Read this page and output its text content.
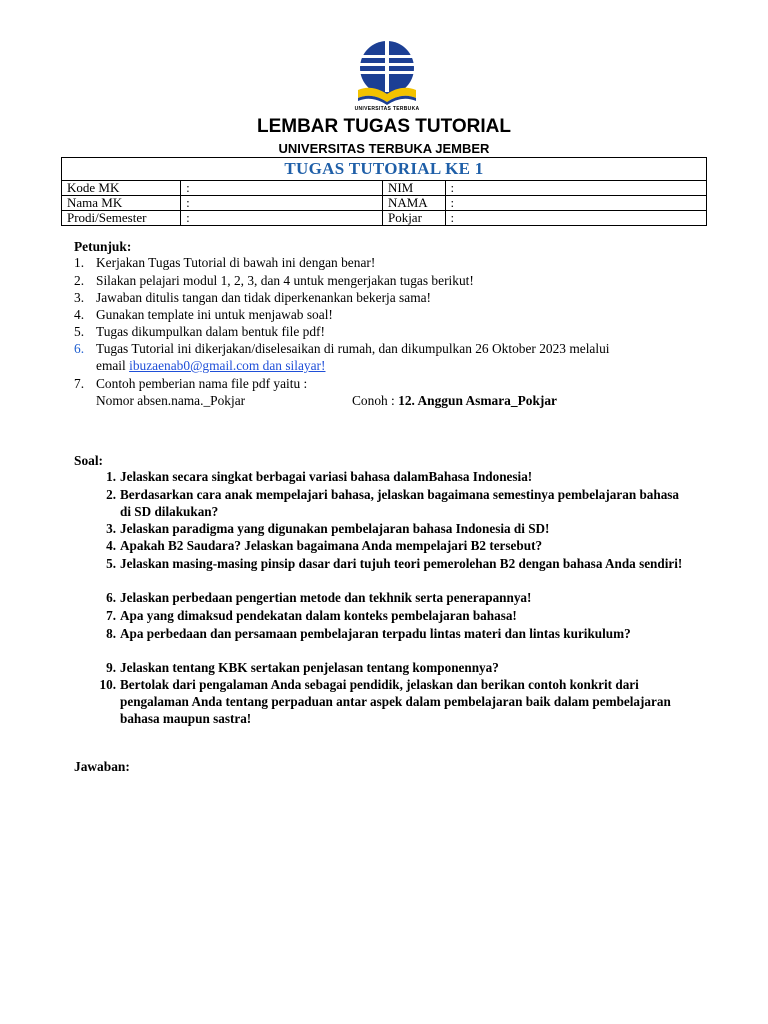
UNIVERSITAS TERBUKA
LEMBAR TUGAS TUTORIAL
UNIVERSITAS TERBUKA JEMBER
TUGAS TUTORIAL KE 1			
Kode MK	:	NIM	:
Nama MK	:	NAMA	:
Prodi/Semester	:	Pokjar	:
Petunjuk:
1. Kerjakan Tugas Tutorial di bawah ini dengan benar!
2. Silakan pelajari modul 1, 2, 3, dan 4 untuk mengerjakan tugas berikut!
3. Jawaban ditulis tangan dan tidak diperkenankan bekerja sama!
4. Gunakan template ini untuk menjawab soal!
5. Tugas dikumpulkan dalam bentuk file pdf!
6. Tugas Tutorial ini dikerjakan/diselesaikan di rumah, dan dikumpulkan 26 Oktober 2023 melalui
email ibuzaenab0@gmail.com dan silayar!
7. Contoh pemberian nama file pdf yaitu :
Nomor absen.nama._Pokjar	Conoh : 12. Anggun Asmara_Pokjar
Soal:
1. Jelaskan secara singkat berbagai variasi bahasa dalamBahasa Indonesia!
2. Berdasarkan cara anak mempelajari bahasa, jelaskan bagaimana semestinya pembelajaran bahasa di SD dilakukan?
3. Jelaskan paradigma yang digunakan pembelajaran bahasa Indonesia di SD!
4. Apakah B2 Saudara? Jelaskan bagaimana Anda mempelajari B2 tersebut?
5. Jelaskan masing-masing pinsip dasar dari tujuh teori pemerolehan B2 dengan bahasa Anda sendiri!
6. Jelaskan perbedaan pengertian metode dan tekhnik serta penerapannya!
7. Apa yang dimaksud pendekatan dalam konteks pembelajaran bahasa!
8. Apa perbedaan dan persamaan pembelajaran terpadu lintas materi dan lintas kurikulum?
9. Jelaskan tentang KBK sertakan penjelasan tentang komponennya?
10. Bertolak dari pengalaman Anda sebagai pendidik, jelaskan dan berikan contoh konkrit dari pengalaman Anda tentang perpaduan antar aspek dalam pembelajaran baik dalam pembelajaran bahasa maupun sastra!
Jawaban:
